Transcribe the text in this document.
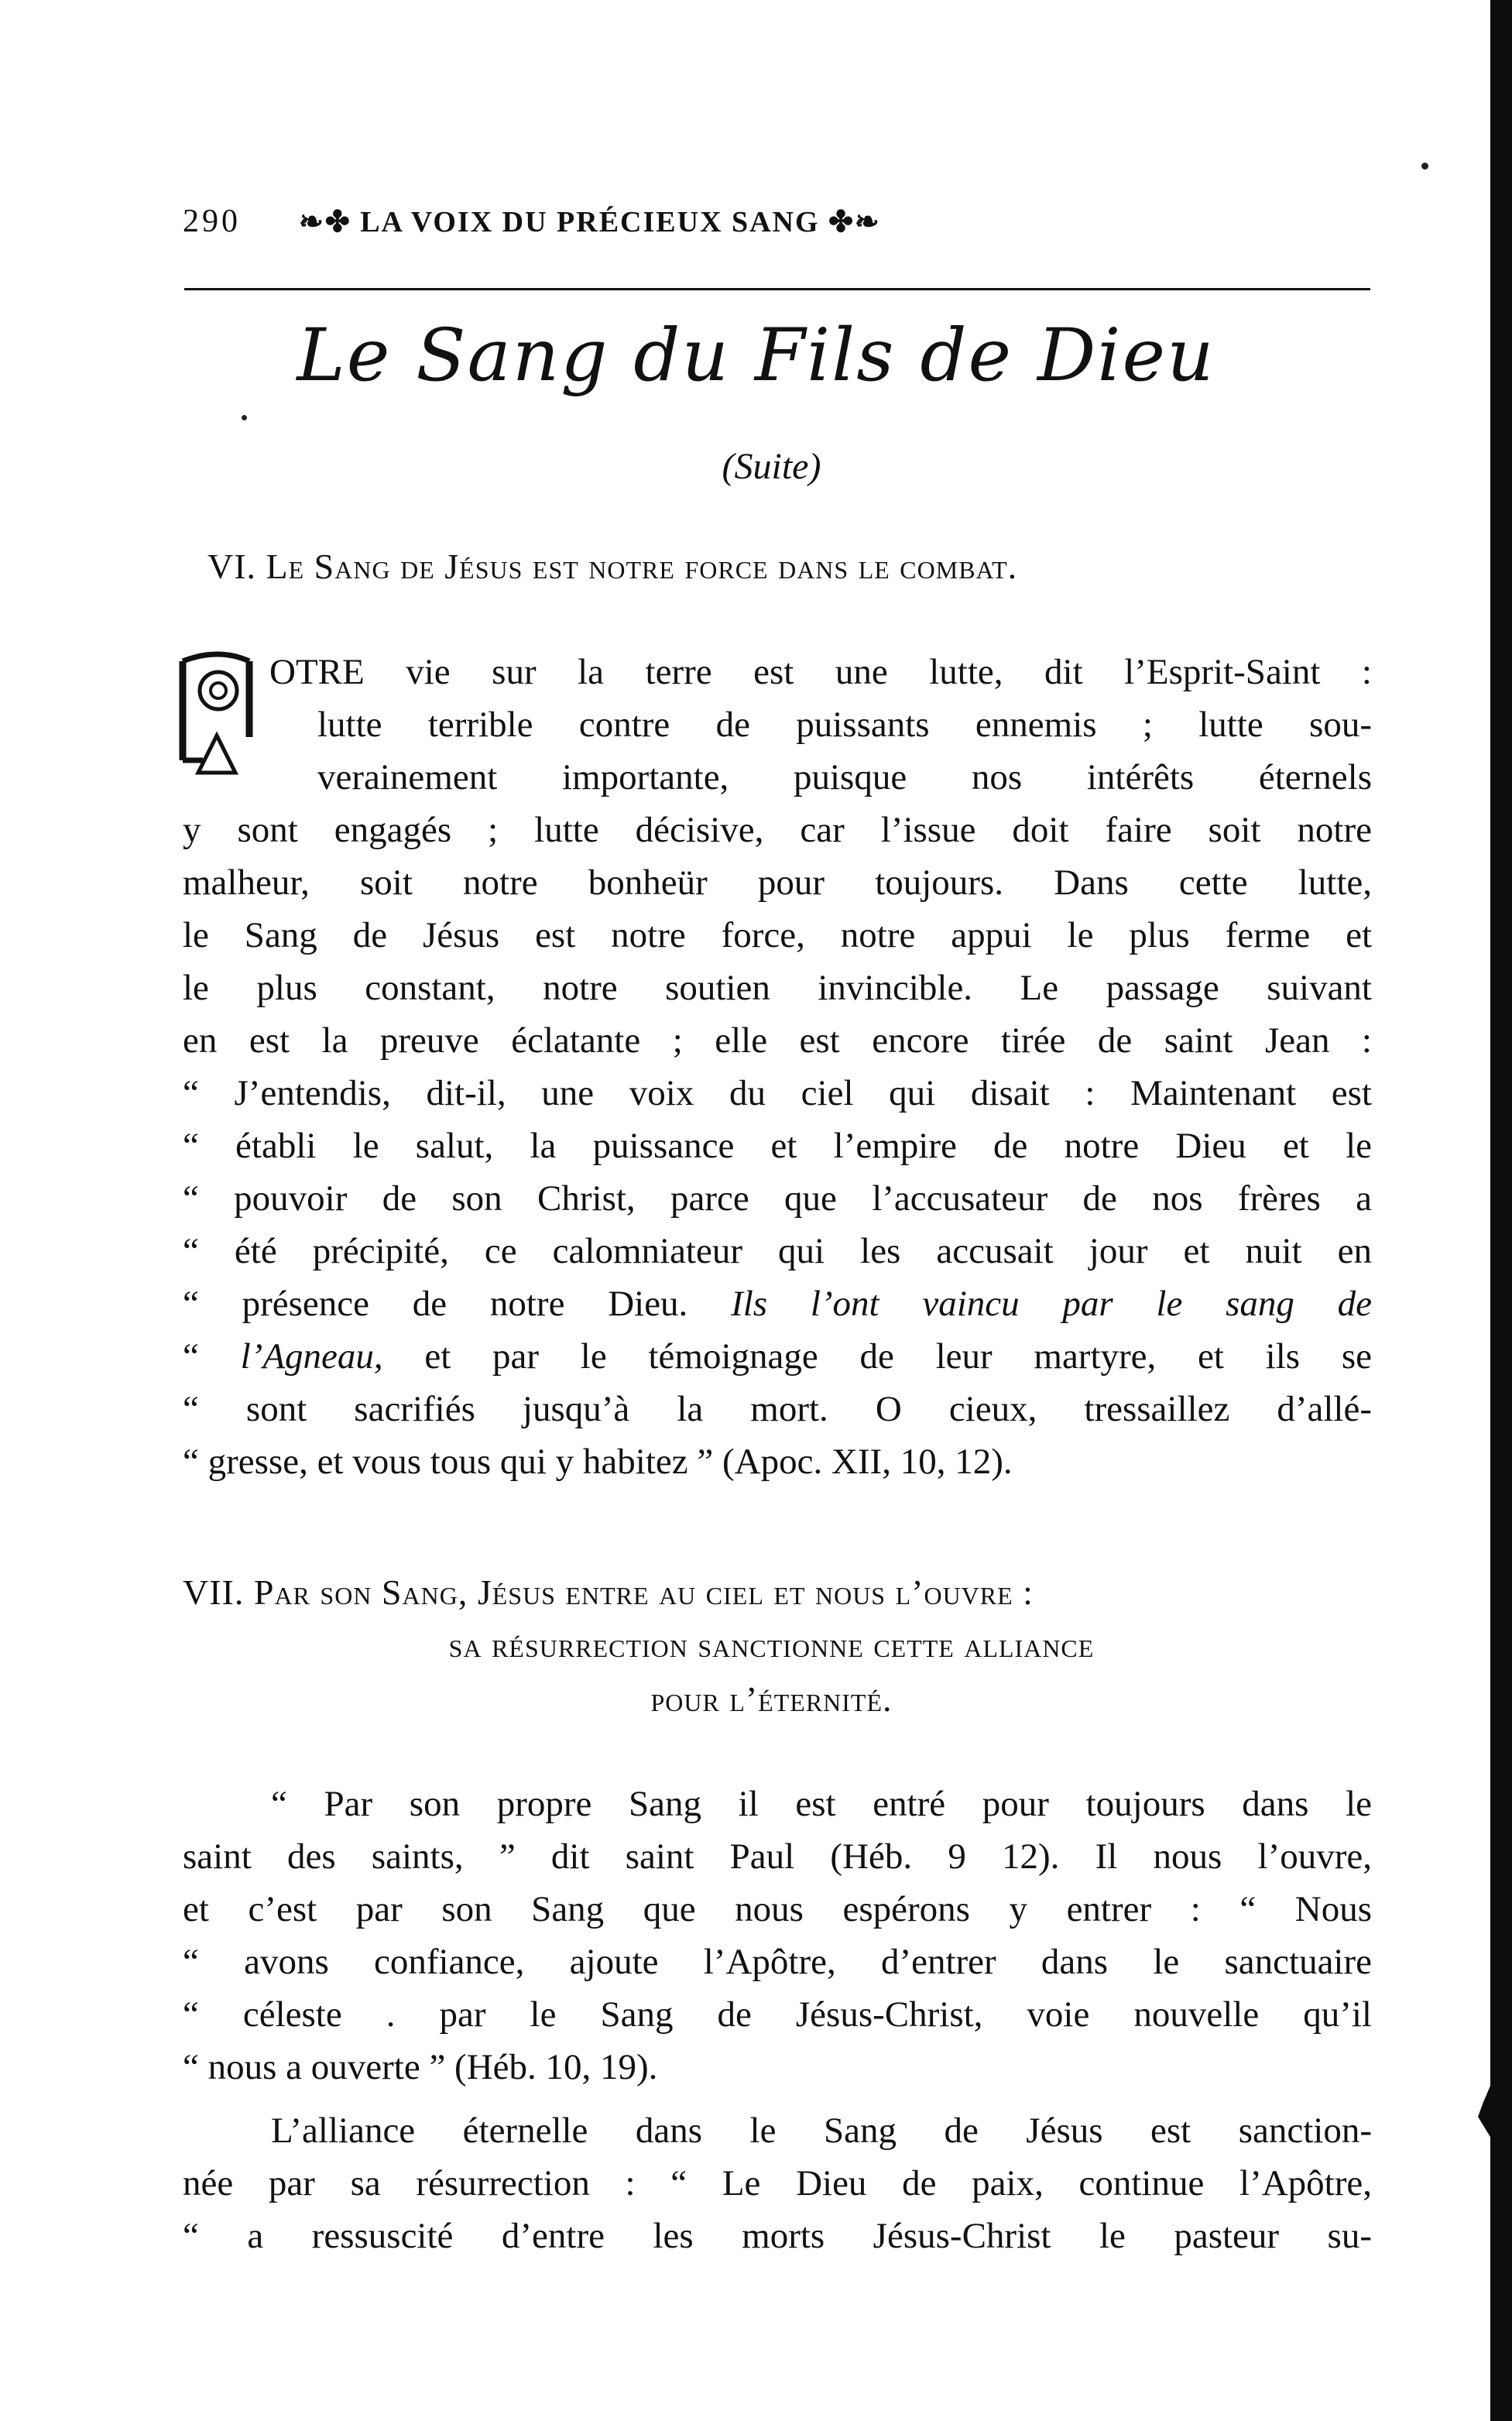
290 ❧✤ LA VOIX DU PRÉCIEUX SANG ✤❧
Le Sang du Fils de Dieu
(Suite)
VI. Le Sang de Jésus est notre force dans le combat.
OTRE vie sur la terre est une lutte, dit l’Esprit-Saint :
lutte terrible contre de puissants ennemis ; lutte sou-
verainement importante, puisque nos intérêts éternels
y sont engagés ; lutte décisive, car l’issue doit faire soit notre
malheur, soit notre bonheür pour toujours. Dans cette lutte,
le Sang de Jésus est notre force, notre appui le plus ferme et
le plus constant, notre soutien invincible. Le passage suivant
en est la preuve éclatante ; elle est encore tirée de saint Jean :
“ J’entendis, dit-il, une voix du ciel qui disait : Maintenant est
“ établi le salut, la puissance et l’empire de notre Dieu et le
“ pouvoir de son Christ, parce que l’accusateur de nos frères a
“ été précipité, ce calomniateur qui les accusait jour et nuit en
“ présence de notre Dieu. Ils l’ont vaincu par le sang de
“ l’Agneau, et par le témoignage de leur martyre, et ils se
“ sont sacrifiés jusqu’à la mort. O cieux, tressaillez d’allé-
“ gresse, et vous tous qui y habitez ” (Apoc. XII, 10, 12).
VII. Par son Sang, Jésus entre au ciel et nous l’ouvre :
sa résurrection sanctionne cette alliance
pour l’éternité.
“ Par son propre Sang il est entré pour toujours dans le
saint des saints, ” dit saint Paul (Héb. 9 12). Il nous l’ouvre,
et c’est par son Sang que nous espérons y entrer : “ Nous
“ avons confiance, ajoute l’Apôtre, d’entrer dans le sanctuaire
“ céleste . par le Sang de Jésus-Christ, voie nouvelle qu’il
“ nous a ouverte ” (Héb. 10, 19).
L’alliance éternelle dans le Sang de Jésus est sanction-
née par sa résurrection : “ Le Dieu de paix, continue l’Apôtre,
“ a ressuscité d’entre les morts Jésus-Christ le pasteur su-
